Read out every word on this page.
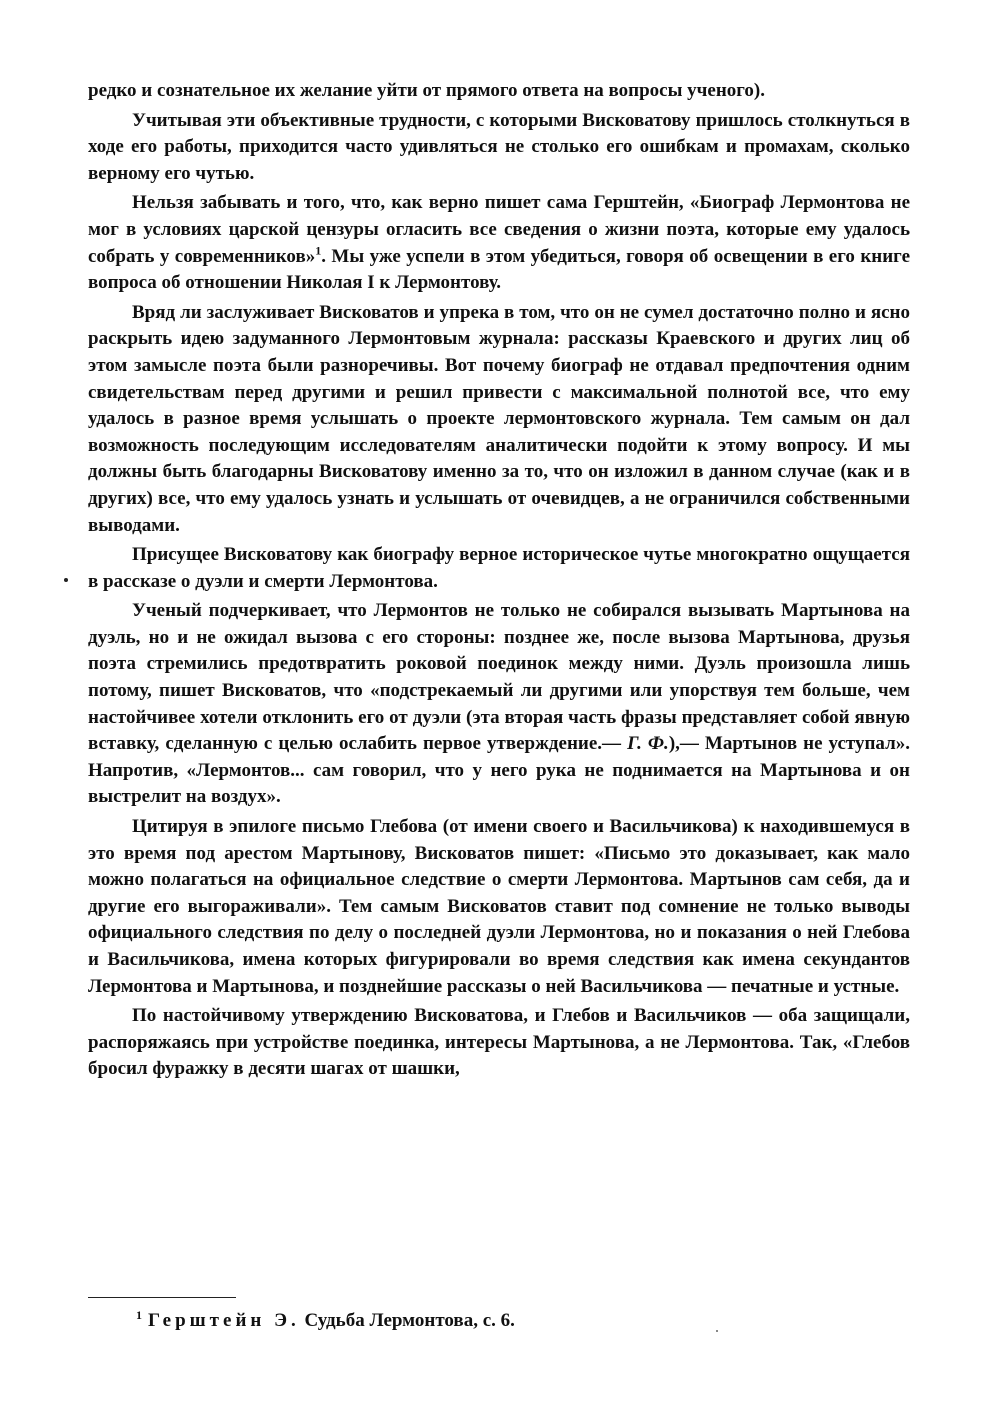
редко и сознательное их желание уйти от прямого ответа на вопросы ученого).

Учитывая эти объективные трудности, с которыми Висковатову пришлось столкнуться в ходе его работы, приходится часто удивляться не столько его ошибкам и промахам, сколько верному его чутью.

Нельзя забывать и того, что, как верно пишет сама Герштейн, «Биограф Лермонтова не мог в условиях царской цензуры огласить все сведения о жизни поэта, которые ему удалось собрать у современников»$^1$. Мы уже успели в этом убедиться, говоря об освещении в его книге вопроса об отношении Николая I к Лермонтову.

Вряд ли заслуживает Висковатов и упрека в том, что он не сумел достаточно полно и ясно раскрыть идею задуманного Лермонтовым журнала: рассказы Краевского и других лиц об этом замысле поэта были разноречивы. Вот почему биограф не отдавал предпочтения одним свидетельствам перед другими и решил привести с максимальной полнотой все, что ему удалось в разное время услышать о проекте лермонтовского журнала. Тем самым он дал возможность последующим исследователям аналитически подойти к этому вопросу. И мы должны быть благодарны Висковатову именно за то, что он изложил в данном случае (как и в других) все, что ему удалось узнать и услышать от очевидцев, а не ограничился собственными выводами.

Присущее Висковатову как биографу верное историческое чутье многократно ощущается в рассказе о дуэли и смерти Лермонтова.

Ученый подчеркивает, что Лермонтов не только не собирался вызывать Мартынова на дуэль, но и не ожидал вызова с его стороны: позднее же, после вызова Мартынова, друзья поэта стремились предотвратить роковой поединок между ними. Дуэль произошла лишь потому, пишет Висковатов, что «подстрекаемый ли другими или упорствуя тем больше, чем настойчивее хотели отклонить его от дуэли (эта вторая часть фразы представляет собой явную вставку, сделанную с целью ослабить первое утверждение.— Г. Ф.),— Мартынов не уступал». Напротив, «Лермонтов... сам говорил, что у него рука не поднимается на Мартынова и он выстрелит на воздух».

Цитируя в эпилоге письмо Глебова (от имени своего и Васильчикова) к находившемуся в это время под арестом Мартынову, Висковатов пишет: «Письмо это доказывает, как мало можно полагаться на официальное следствие о смерти Лермонтова. Мартынов сам себя, да и другие его выгораживали». Тем самым Висковатов ставит под сомнение не только выводы официального следствия по делу о последней дуэли Лермонтова, но и показания о ней Глебова и Васильчикова, имена которых фигурировали во время следствия как имена секундантов Лермонтова и Мартынова, и позднейшие рассказы о ней Васильчикова — печатные и устные.

По настойчивому утверждению Висковатова, и Глебов и Васильчиков — оба защищали, распоряжаясь при устройстве поединка, интересы Мартынова, а не Лермонтова. Так, «Глебов бросил фуражку в десяти шагах от шашки,

$^1$ Герштейн Э. Судьба Лермонтова, с. 6.
